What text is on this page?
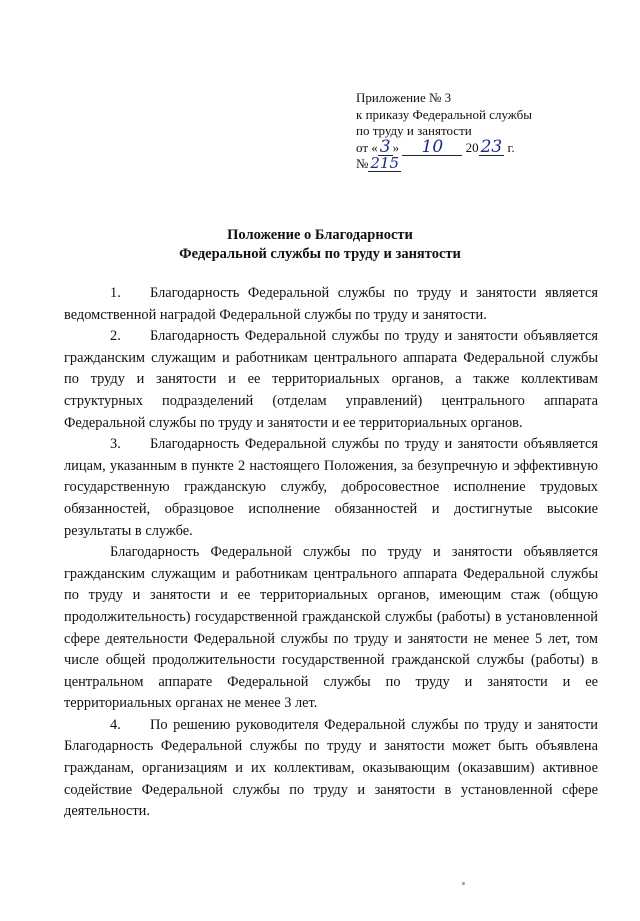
Приложение № 3
к приказу Федеральной службы
по труду и занятости
от « 3 » 10 20 23 г.
№ 215
Положение о Благодарности
Федеральной службы по труду и занятости

1. Благодарность Федеральной службы по труду и занятости является ведомственной наградой Федеральной службы по труду и занятости.

2. Благодарность Федеральной службы по труду и занятости объявляется гражданским служащим и работникам центрального аппарата Федеральной службы по труду и занятости и ее территориальных органов, а также коллективам структурных подразделений (отделам управлений) центрального аппарата Федеральной службы по труду и занятости и ее территориальных органов.

3. Благодарность Федеральной службы по труду и занятости объявляется лицам, указанным в пункте 2 настоящего Положения, за безупречную и эффективную государственную гражданскую службу, добросовестное исполнение трудовых обязанностей, образцовое исполнение обязанностей и достигнутые высокие результаты в службе.

Благодарность Федеральной службы по труду и занятости объявляется гражданским служащим и работникам центрального аппарата Федеральной службы по труду и занятости и ее территориальных органов, имеющим стаж (общую продолжительность) государственной гражданской службы (работы) в установленной сфере деятельности Федеральной службы по труду и занятости не менее 5 лет, том числе общей продолжительности государственной гражданской службы (работы) в центральном аппарате Федеральной службы по труду и занятости и ее территориальных органах не менее 3 лет.

4. По решению руководителя Федеральной службы по труду и занятости Благодарность Федеральной службы по труду и занятости может быть объявлена гражданам, организациям и их коллективам, оказывающим (оказавшим) активное содействие Федеральной службы по труду и занятости в установленной сфере деятельности.
